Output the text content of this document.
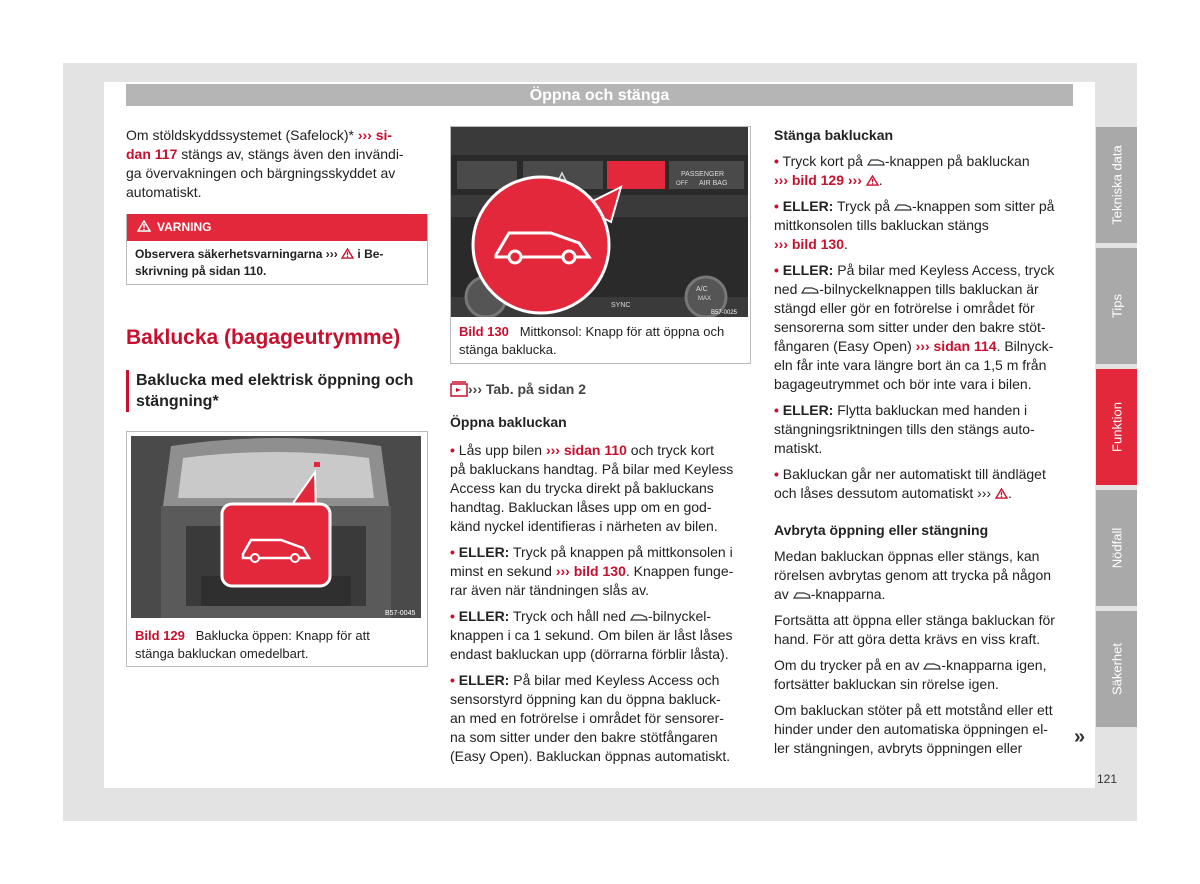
Öppna och stänga
Om stöldskyddssystemet (Safelock)* ››› si-
dan 117 stängs av, stängs även den invändi-
ga övervakningen och bärgningsskyddet av
automatiskt.
VARNING
Observera säkerhetsvarningarna ›››  i Be-
skrivning på sidan 110.
Baklucka (bagageutrymme)
Baklucka med elektrisk öppning och
stängning*
B57-0045
Bild 129 Baklucka öppen: Knapp för att
stänga bakluckan omedelbart.
PASSENGER
AIR BAG
OFF
SYNC
A/C
MAX
B57-0025
Bild 130 Mittkonsol: Knapp för att öppna och
stänga baklucka.
››› Tab. på sidan 2
Öppna bakluckan

• Lås upp bilen ››› sidan 110 och tryck kort
på bakluckans handtag. På bilar med Keyless
Access kan du trycka direkt på bakluckans
handtag. Bakluckan låses upp om en god-
känd nyckel identifieras i närheten av bilen.

• ELLER: Tryck på knappen på mittkonsolen i
minst en sekund ››› bild 130. Knappen funge-
rar även när tändningen slås av.

• ELLER: Tryck och håll ned -bilnyckel-
knappen i ca 1 sekund. Om bilen är låst låses
endast bakluckan upp (dörrarna förblir låsta).

• ELLER: På bilar med Keyless Access och
sensorstyrd öppning kan du öppna bakluck-
an med en fotrörelse i området för sensorer-
na som sitter under den bakre stötfångaren
(Easy Open). Bakluckan öppnas automatiskt.

Stänga bakluckan

• Tryck kort på -knappen på bakluckan
››› bild 129 ››› .

• ELLER: Tryck på -knappen som sitter på
mittkonsolen tills bakluckan stängs
››› bild 130.

• ELLER: På bilar med Keyless Access, tryck
ned -bilnyckelknappen tills bakluckan är
stängd eller gör en fotrörelse i området för
sensorerna som sitter under den bakre stöt-
fångaren (Easy Open) ››› sidan 114. Bilnyck-
eln får inte vara längre bort än ca 1,5 m från
bagageutrymmet och bör inte vara i bilen.

• ELLER: Flytta bakluckan med handen i
stängningsriktningen tills den stängs auto-
matiskt.

• Bakluckan går ner automatiskt till ändläget
och låses dessutom automatiskt ››› .

Avbryta öppning eller stängning

Medan bakluckan öppnas eller stängs, kan
rörelsen avbrytas genom att trycka på någon
av -knapparna.

Fortsätta att öppna eller stänga bakluckan för
hand. För att göra detta krävs en viss kraft.

Om du trycker på en av -knapparna igen,
fortsätter bakluckan sin rörelse igen.

Om bakluckan stöter på ett motstånd eller ett
hinder under den automatiska öppningen el-
ler stängningen, avbryts öppningen eller	»
Tekniska data
Tips
Funktion
Nödfall
Säkerhet
121
